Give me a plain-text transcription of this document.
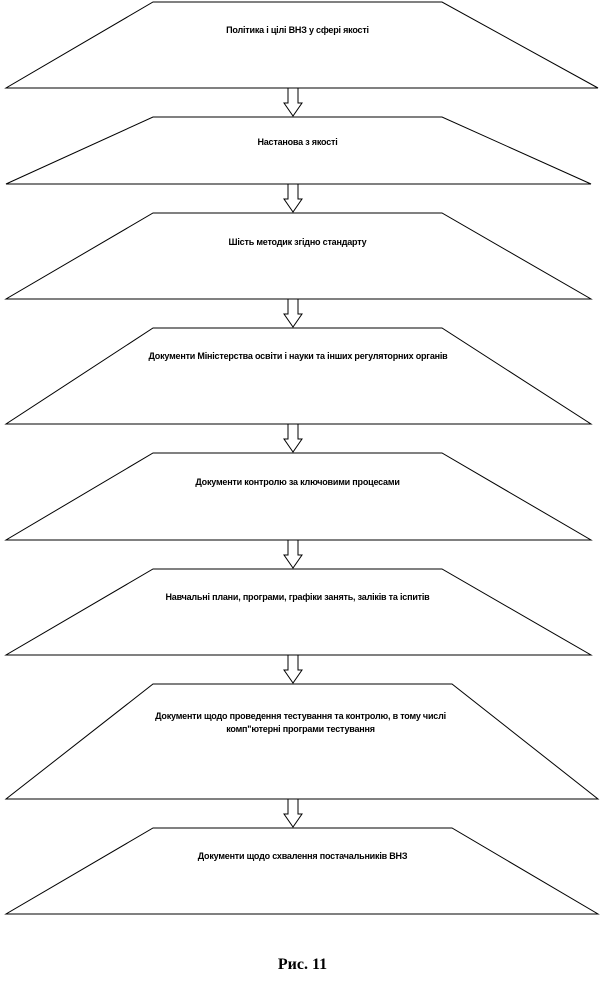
Політика і цілі ВНЗ у сфері якості
Настанова з якості
Шість методик згідно стандарту
Документи Міністерства освіти і науки та інших регуляторних органів
Документи контролю за ключовими процесами
Навчальні плани, програми, графіки занять, заліків та іспитів
Документи щодо проведення тестування та контролю, в тому числі комп"ютерні програми тестування
Документи щодо схвалення постачальників ВНЗ
Рис. 11
